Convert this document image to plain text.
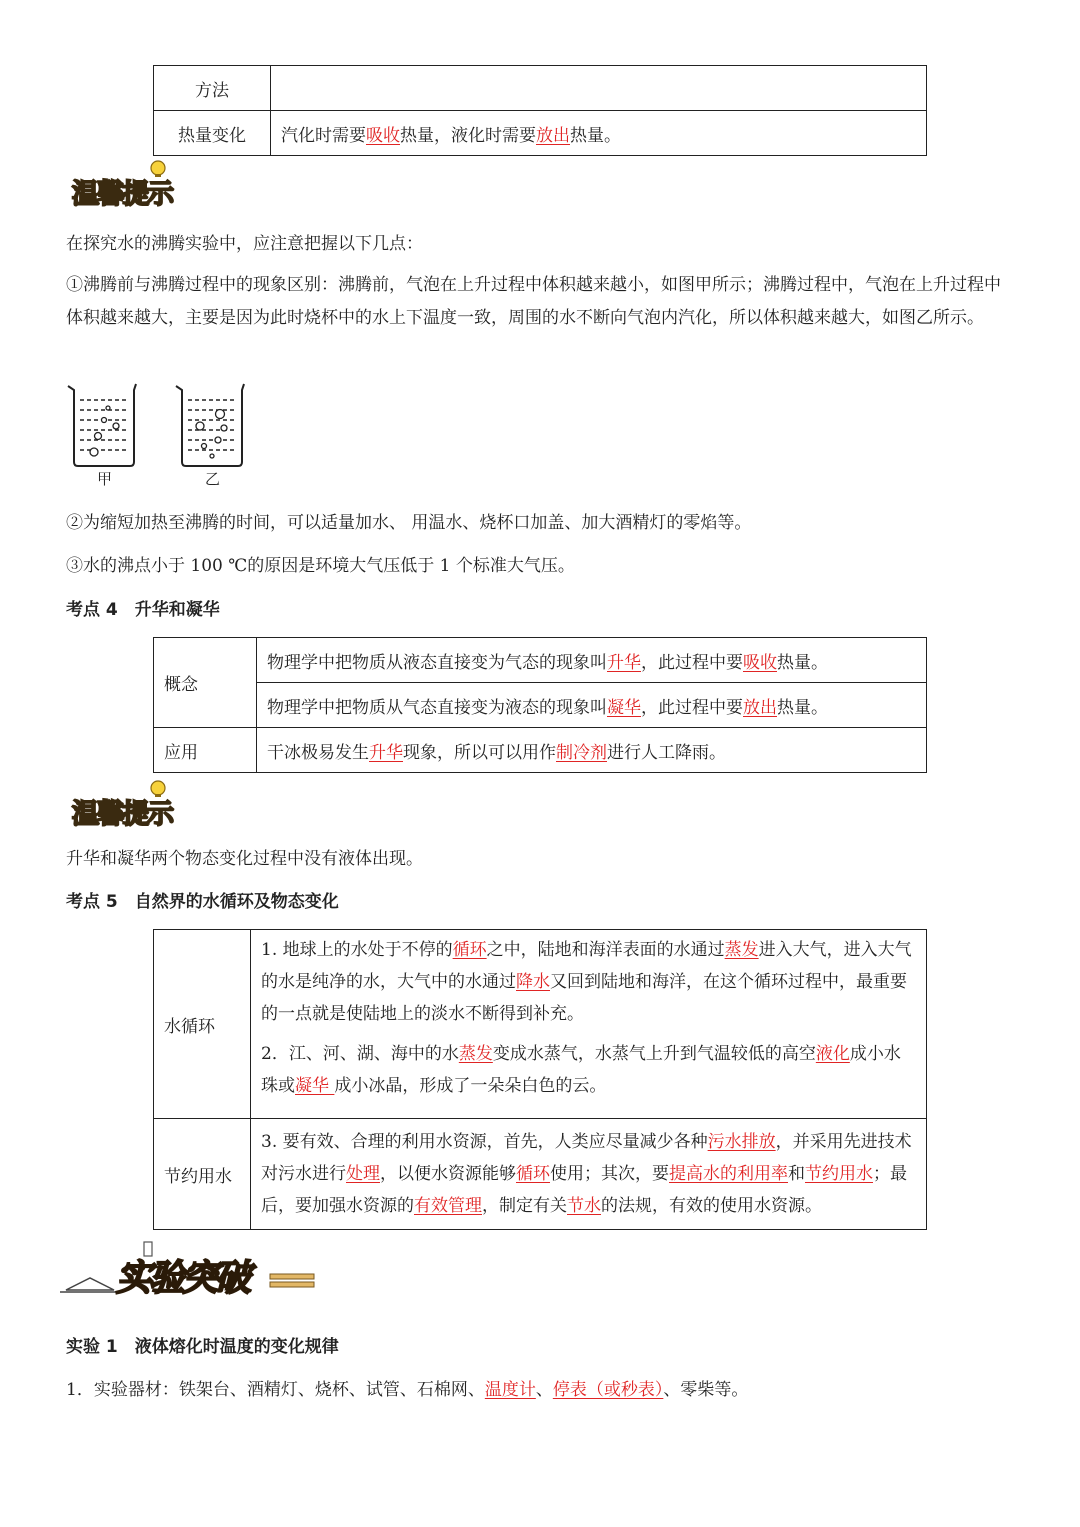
方法	
热量变化	汽化时需要吸收热量，液化时需要放出热量。
温馨提示
在探究水的沸腾实验中，应注意把握以下几点：
①沸腾前与沸腾过程中的现象区别：沸腾前，气泡在上升过程中体积越来越小，如图甲所示；沸腾过程中，气泡在上升过程中体积越来越大，主要是因为此时烧杯中的水上下温度一致，周围的水不断向气泡内汽化，所以体积越来越大，如图乙所示。
甲	乙
②为缩短加热至沸腾的时间，可以适量加水、 用温水、烧杯口加盖、加大酒精灯的零焰等。
③水的沸点小于 100 ℃的原因是环境大气压低于 1 个标准大气压。
考点 4　升华和凝华
概念	物理学中把物质从液态直接变为气态的现象叫升华，此过程中要吸收热量。
	物理学中把物质从气态直接变为液态的现象叫凝华，此过程中要放出热量。
应用	干冰极易发生升华现象，所以可以用作制冷剂进行人工降雨。
温馨提示
升华和凝华两个物态变化过程中没有液体出现。
考点 5　自然界的水循环及物态变化
水循环	1. 地球上的水处于不停的循环之中，陆地和海洋表面的水通过蒸发进入大气，进入大气的水是纯净的水，大气中的水通过降水又回到陆地和海洋，在这个循环过程中，最重要的一点就是使陆地上的淡水不断得到补充。
2．江、河、湖、海中的水蒸发变成水蒸气，水蒸气上升到气温较低的高空液化成小水珠或凝华 成小冰晶，形成了一朵朵白色的云。

节约用水	3. 要有效、合理的利用水资源，首先，人类应尽量减少各种污水排放，并采用先进技术对污水进行处理，以便水资源能够循环使用；其次，要提高水的利用率和节约用水；最后，要加强水资源的有效管理，制定有关节水的法规，有效的使用水资源。
实验突破
实验 1　液体熔化时温度的变化规律
1．实验器材：铁架台、酒精灯、烧杯、试管、石棉网、温度计、停表（或秒表）、零柴等。
